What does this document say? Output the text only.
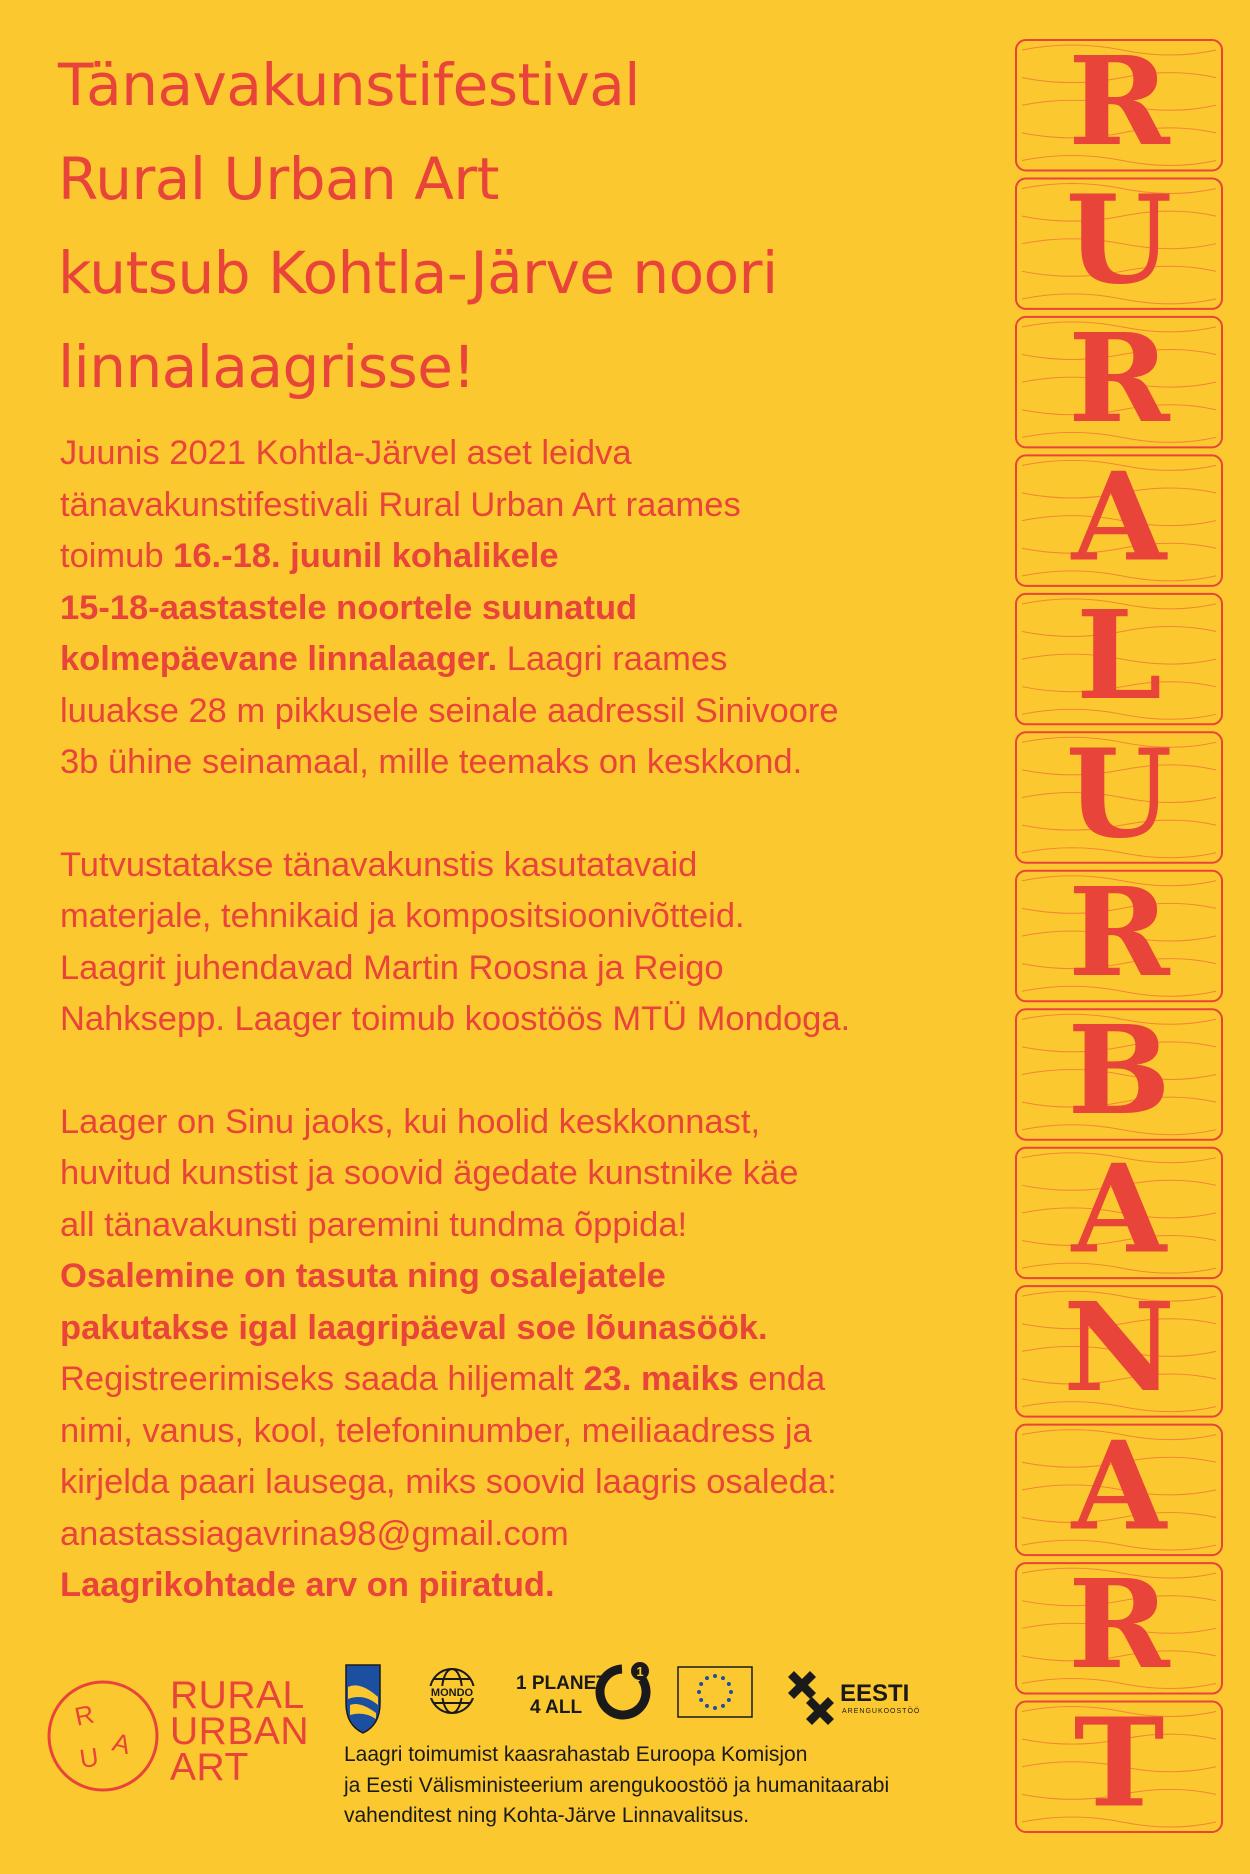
Tänavakunstifestival
Rural Urban Art
kutsub Kohtla-Järve noori
linnalaagrisse!

Juunis 2021 Kohtla-Järvel aset leidva

tänavakunstifestivali Rural Urban Art raames

toimub 16.-18. juunil kohalikele

15-18-aastastele noortele suunatud

kolmepäevane linnalaager. Laagri raames

luuakse 28 m pikkusele seinale aadressil Sinivoore

3b ühine seinamaal, mille teemaks on keskkond.

Tutvustatakse tänavakunstis kasutatavaid

materjale, tehnikaid ja kompositsioonivõtteid.

Laagrit juhendavad Martin Roosna ja Reigo

Nahksepp. Laager toimub koostöös MTÜ Mondoga.

Laager on Sinu jaoks, kui hoolid keskkonnast,

huvitud kunstist ja soovid ägedate kunstnike käe

all tänavakunsti paremini tundma õppida!

Osalemine on tasuta ning osalejatele

pakutakse igal laagripäeval soe lõunasöök.

Registreerimiseks saada hiljemalt 23. maiks enda

nimi, vanus, kool, telefoninumber, meiliaadress ja

kirjelda paari lausega, miks soovid laagris osaleda:

anastassiagavrina98@gmail.com

Laagrikohtade arv on piiratud.

R
U
R
A
L
U
R
B
A
N
A
R
T
R
A
U
RURAL
URBAN
ART
MONDO 1 PLANET
4 ALL
1
EESTI
ARENGUKOOSTÖÖ
Laagri toimumist kaasrahastab Euroopa Komisjon
ja Eesti Välisministeerium arengukoostöö ja humanitaarabi
vahenditest ning Kohta-Järve Linnavalitsus.
